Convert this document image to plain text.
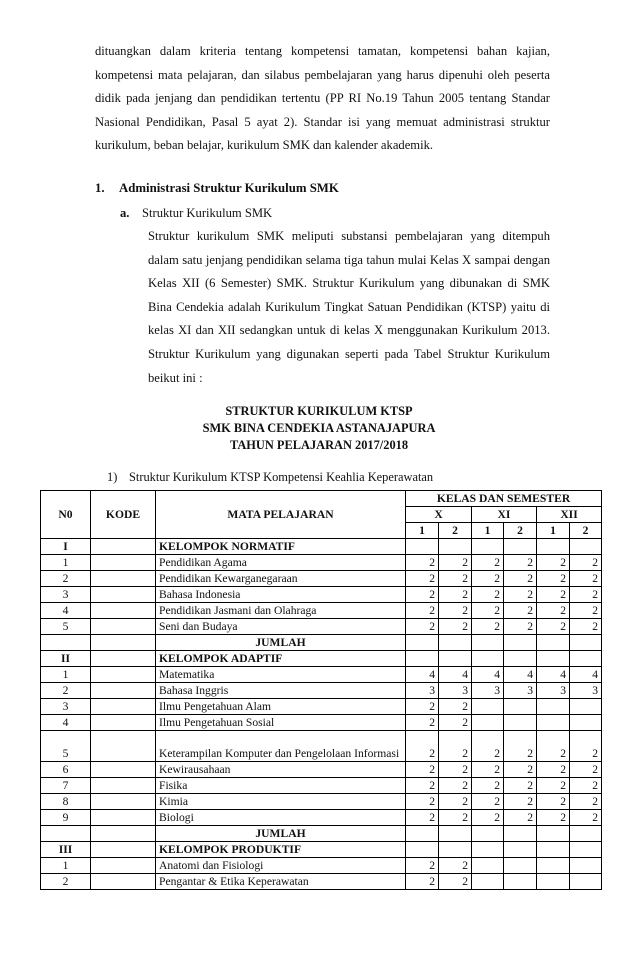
dituangkan dalam kriteria tentang kompetensi tamatan, kompetensi bahan kajian, kompetensi mata pelajaran, dan silabus pembelajaran yang harus dipenuhi oleh peserta didik pada jenjang dan pendidikan tertentu (PP RI No.19 Tahun 2005 tentang Standar Nasional Pendidikan, Pasal 5 ayat 2). Standar isi yang memuat administrasi struktur kurikulum, beban belajar, kurikulum SMK dan kalender akademik.
1. Administrasi Struktur Kurikulum SMK
a. Struktur Kurikulum SMK
Struktur kurikulum SMK meliputi substansi pembelajaran yang ditempuh dalam satu jenjang pendidikan selama tiga tahun mulai Kelas X sampai dengan Kelas XII (6 Semester) SMK. Struktur Kurikulum yang dibunakan di SMK Bina Cendekia adalah Kurikulum Tingkat Satuan Pendidikan (KTSP) yaitu di kelas XI dan XII sedangkan untuk di kelas X menggunakan Kurikulum 2013. Struktur Kurikulum yang digunakan seperti pada Tabel Struktur Kurikulum beikut ini :
STRUKTUR KURIKULUM KTSP
SMK BINA CENDEKIA ASTANAJAPURA
TAHUN PELAJARAN 2017/2018
1) Struktur Kurikulum KTSP Kompetensi Keahlia Keperawatan
N0	KODE	MATA PELAJARAN	KELAS DAN SEMESTER					
			X		XI		XII	
			1	2	1	2	1	2
I		KELOMPOK NORMATIF						
1		Pendidikan Agama	2	2	2	2	2	2
2		Pendidikan Kewarganegaraan	2	2	2	2	2	2
3		Bahasa Indonesia	2	2	2	2	2	2
4		Pendidikan Jasmani dan Olahraga	2	2	2	2	2	2
5		Seni dan Budaya	2	2	2	2	2	2
		JUMLAH						
II		KELOMPOK ADAPTIF						
1		Matematika	4	4	4	4	4	4
2		Bahasa Inggris	3	3	3	3	3	3
3		Ilmu Pengetahuan Alam	2	2				
4		Ilmu Pengetahuan Sosial	2	2				
5		Keterampilan Komputer dan Pengelolaan Informasi	2	2	2	2	2	2
6		Kewirausahaan	2	2	2	2	2	2
7		Fisika	2	2	2	2	2	2
8		Kimia	2	2	2	2	2	2
9		Biologi	2	2	2	2	2	2
		JUMLAH						
III		KELOMPOK PRODUKTIF						
1		Anatomi dan Fisiologi	2	2				
2		Pengantar & Etika Keperawatan	2	2				
